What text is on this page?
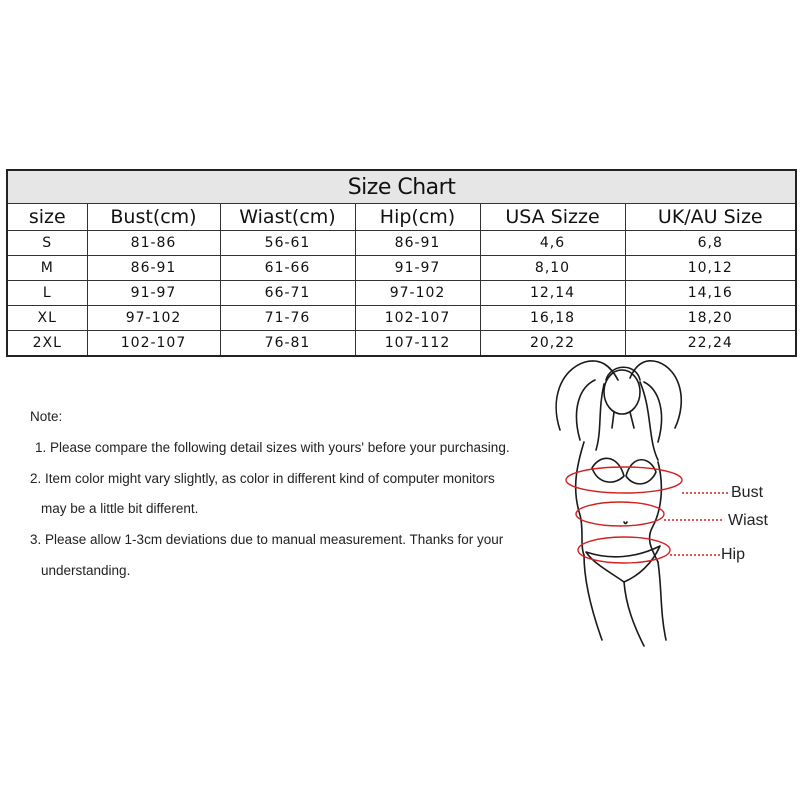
Size Chart					
size	Bust(cm)	Wiast(cm)	Hip(cm)	USA Sizze	UK/AU Size
S	81-86	56-61	86-91	4,6	6,8
M	86-91	61-66	91-97	8,10	10,12
L	91-97	66-71	97-102	12,14	14,16
XL	97-102	71-76	102-107	16,18	18,20
2XL	102-107	76-81	107-112	20,22	22,24
Note:
1. Please compare the following detail sizes with yours' before your purchasing.
2. Item color might vary slightly, as color in different kind of computer monitors
may be a little bit different.
3. Please allow 1-3cm deviations due to manual measurement. Thanks for your
understanding.
Bust
Wiast
Hip
